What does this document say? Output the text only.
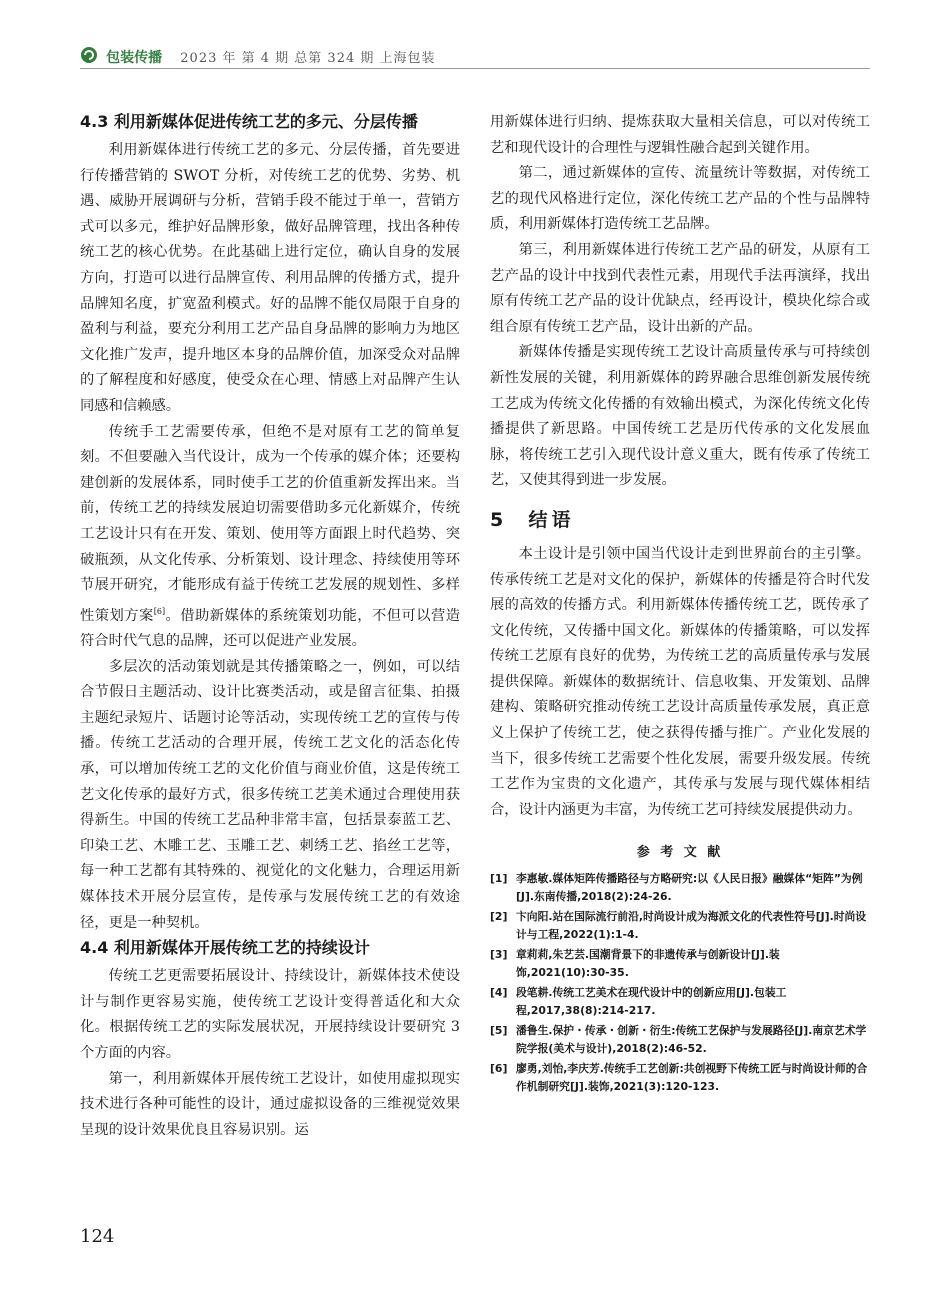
包装传播 2023 年 第 4 期 总第 324 期 上海包装
4.3 利用新媒体促进传统工艺的多元、分层传播

利用新媒体进行传统工艺的多元、分层传播，首先要进行传播营销的 SWOT 分析，对传统工艺的优势、劣势、机遇、威胁开展调研与分析，营销手段不能过于单一，营销方式可以多元，维护好品牌形象，做好品牌管理，找出各种传统工艺的核心优势。在此基础上进行定位，确认自身的发展方向，打造可以进行品牌宣传、利用品牌的传播方式，提升品牌知名度，扩宽盈利模式。好的品牌不能仅局限于自身的盈利与利益，要充分利用工艺产品自身品牌的影响力为地区文化推广发声，提升地区本身的品牌价值，加深受众对品牌的了解程度和好感度，使受众在心理、情感上对品牌产生认同感和信赖感。

传统手工艺需要传承，但绝不是对原有工艺的简单复刻。不但要融入当代设计，成为一个传承的媒介体；还要构建创新的发展体系，同时使手工艺的价值重新发挥出来。当前，传统工艺的持续发展迫切需要借助多元化新媒介，传统工艺设计只有在开发、策划、使用等方面跟上时代趋势、突破瓶颈，从文化传承、分析策划、设计理念、持续使用等环节展开研究，才能形成有益于传统工艺发展的规划性、多样性策划方案[6]。借助新媒体的系统策划功能，不但可以营造符合时代气息的品牌，还可以促进产业发展。

多层次的活动策划就是其传播策略之一，例如，可以结合节假日主题活动、设计比赛类活动，或是留言征集、拍摄主题纪录短片、话题讨论等活动，实现传统工艺的宣传与传播。传统工艺活动的合理开展，传统工艺文化的活态化传承，可以增加传统工艺的文化价值与商业价值，这是传统工艺文化传承的最好方式，很多传统工艺美术通过合理使用获得新生。中国的传统工艺品种非常丰富，包括景泰蓝工艺、印染工艺、木雕工艺、玉雕工艺、刺绣工艺、掐丝工艺等，每一种工艺都有其特殊的、视觉化的文化魅力，合理运用新媒体技术开展分层宣传，是传承与发展传统工艺的有效途径，更是一种契机。

4.4 利用新媒体开展传统工艺的持续设计

传统工艺更需要拓展设计、持续设计，新媒体技术使设计与制作更容易实施，使传统工艺设计变得普适化和大众化。根据传统工艺的实际发展状况，开展持续设计要研究 3 个方面的内容。

第一，利用新媒体开展传统工艺设计，如使用虚拟现实技术进行各种可能性的设计，通过虚拟设备的三维视觉效果呈现的设计效果优良且容易识别。运

用新媒体进行归纳、提炼获取大量相关信息，可以对传统工艺和现代设计的合理性与逻辑性融合起到关键作用。

第二，通过新媒体的宣传、流量统计等数据，对传统工艺的现代风格进行定位，深化传统工艺产品的个性与品牌特质，利用新媒体打造传统工艺品牌。

第三，利用新媒体进行传统工艺产品的研发，从原有工艺产品的设计中找到代表性元素，用现代手法再演绎，找出原有传统工艺产品的设计优缺点，经再设计，模块化综合或组合原有传统工艺产品，设计出新的产品。

新媒体传播是实现传统工艺设计高质量传承与可持续创新性发展的关键，利用新媒体的跨界融合思维创新发展传统工艺成为传统文化传播的有效输出模式，为深化传统文化传播提供了新思路。中国传统工艺是历代传承的文化发展血脉，将传统工艺引入现代设计意义重大，既有传承了传统工艺，又使其得到进一步发展。

5 结语

本土设计是引领中国当代设计走到世界前台的主引擎。传承传统工艺是对文化的保护，新媒体的传播是符合时代发展的高效的传播方式。利用新媒体传播传统工艺，既传承了文化传统，又传播中国文化。新媒体的传播策略，可以发挥传统工艺原有良好的优势，为传统工艺的高质量传承与发展提供保障。新媒体的数据统计、信息收集、开发策划、品牌建构、策略研究推动传统工艺设计高质量传承发展，真正意义上保护了传统工艺，使之获得传播与推广。产业化发展的当下，很多传统工艺需要个性化发展，需要升级发展。传统工艺作为宝贵的文化遗产，其传承与发展与现代媒体相结合，设计内涵更为丰富，为传统工艺可持续发展提供动力。

参 考 文 献
[1] 李惠敏.媒体矩阵传播路径与方略研究:以《人民日报》融媒体“矩阵”为例[J].东南传播,2018(2):24-26.
[2] 卞向阳.站在国际流行前沿,时尚设计成为海派文化的代表性符号[J].时尚设计与工程,2022(1):1-4.
[3] 章莉莉,朱艺芸.国潮背景下的非遗传承与创新设计[J].装饰,2021(10):30-35.
[4] 段笔耕.传统工艺美术在现代设计中的创新应用[J].包装工程,2017,38(8):214-217.
[5] 潘鲁生.保护・传承・创新・衍生:传统工艺保护与发展路径[J].南京艺术学院学报(美术与设计),2018(2):46-52.
[6] 廖勇,刘怡,李庆芳.传统手工艺创新:共创视野下传统工匠与时尚设计师的合作机制研究[J].装饰,2021(3):120-123.
124
